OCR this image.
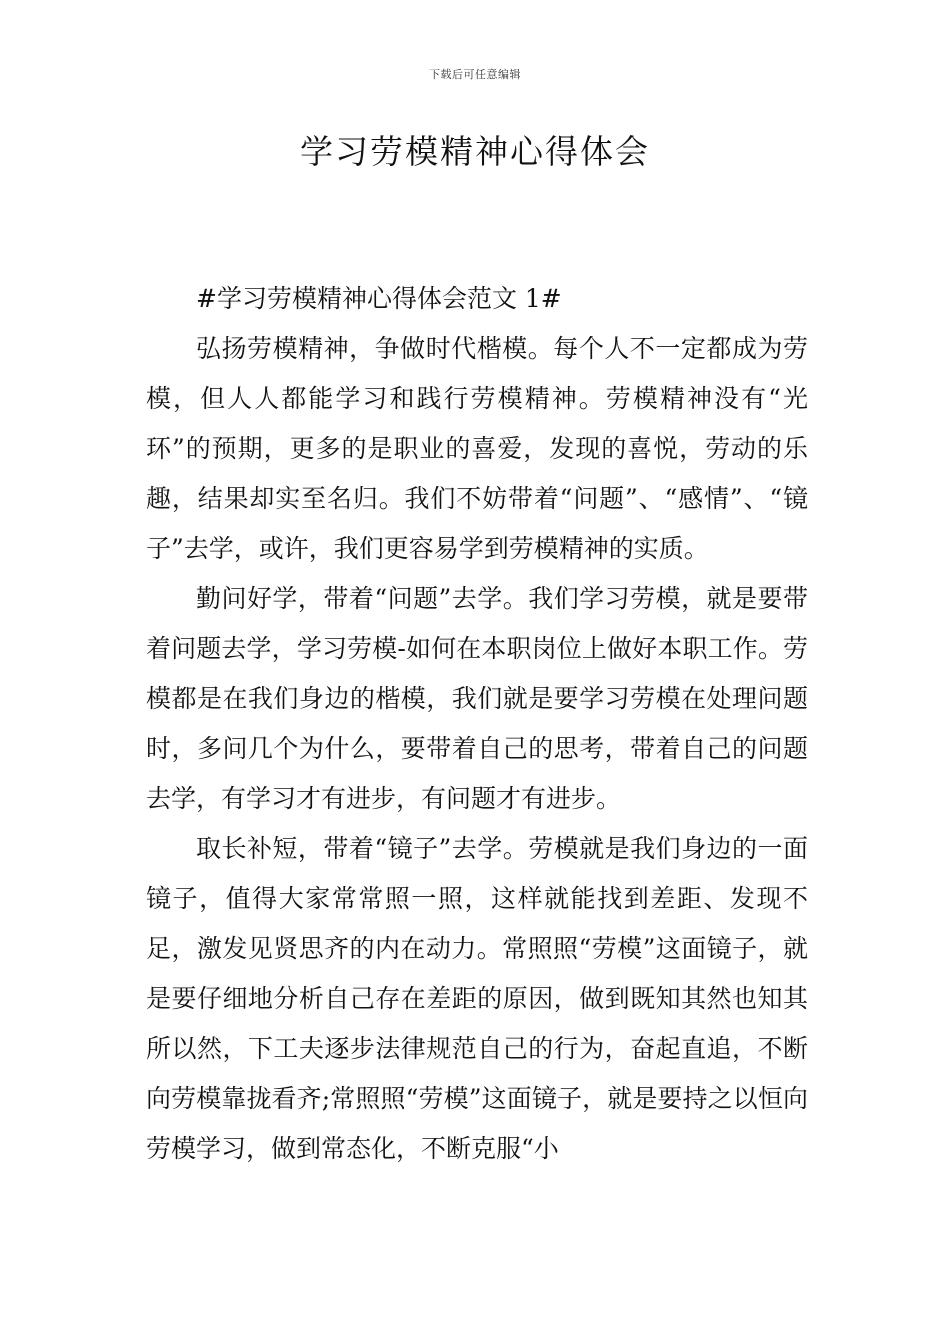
下载后可任意编辑
学习劳模精神心得体会
#学习劳模精神心得体会范文 1#

弘扬劳模精神，争做时代楷模。每个人不一定都成为劳模，但人人都能学习和践行劳模精神。劳模精神没有“光环”的预期，更多的是职业的喜爱，发现的喜悦，劳动的乐趣，结果却实至名归。我们不妨带着“问题”、“感情”、“镜子”去学，或许，我们更容易学到劳模精神的实质。

勤问好学，带着“问题”去学。我们学习劳模，就是要带着问题去学，学习劳模-如何在本职岗位上做好本职工作。劳模都是在我们身边的楷模，我们就是要学习劳模在处理问题时，多问几个为什么，要带着自己的思考，带着自己的问题去学，有学习才有进步，有问题才有进步。

取长补短，带着“镜子”去学。劳模就是我们身边的一面镜子，值得大家常常照一照，这样就能找到差距、发现不足，激发见贤思齐的内在动力。常照照“劳模”这面镜子，就是要仔细地分析自己存在差距的原因，做到既知其然也知其所以然，下工夫逐步法律规范自己的行为，奋起直追，不断向劳模靠拢看齐;常照照“劳模”这面镜子，就是要持之以恒向劳模学习，做到常态化，不断克服“小
